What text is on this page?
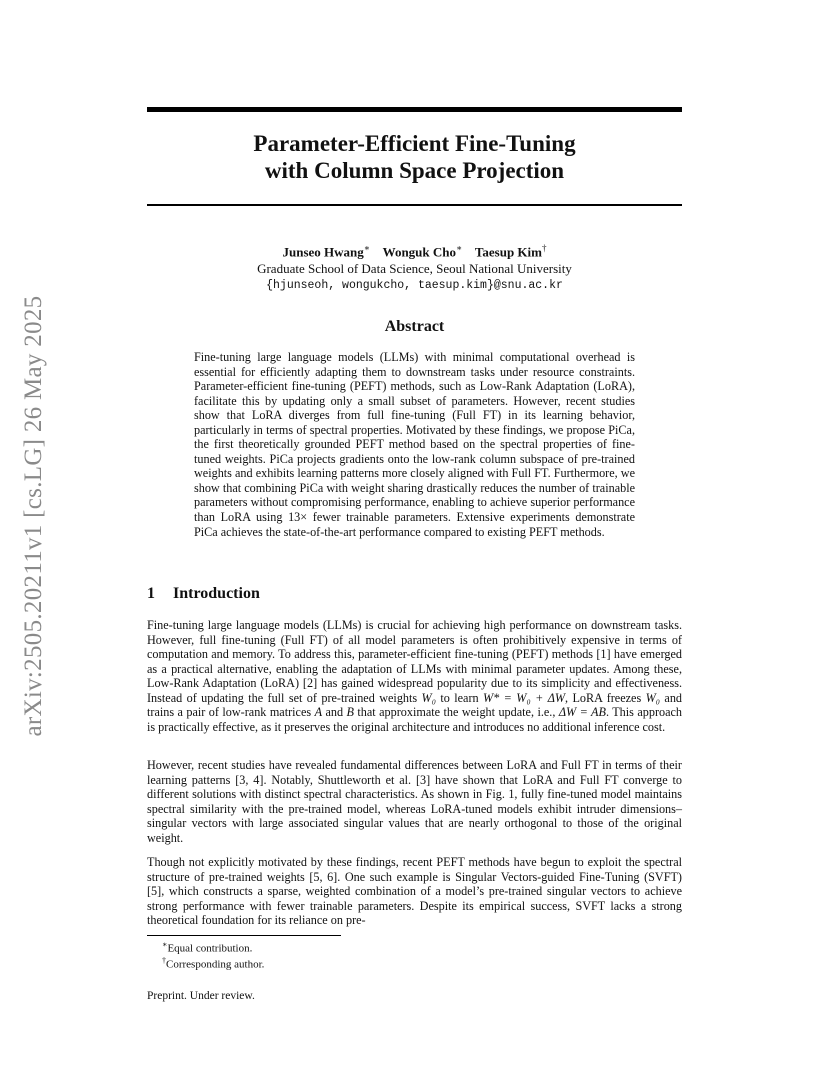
arXiv:2505.20211v1 [cs.LG] 26 May 2025
Parameter-Efficient Fine-Tuning
with Column Space Projection
Junseo Hwang∗ Wonguk Cho∗ Taesup Kim†
Graduate School of Data Science, Seoul National University
{hjunseoh, wongukcho, taesup.kim}@snu.ac.kr
Abstract

Fine-tuning large language models (LLMs) with minimal computational overhead is essential for efficiently adapting them to downstream tasks under resource constraints. Parameter-efficient fine-tuning (PEFT) methods, such as Low-Rank Adaptation (LoRA), facilitate this by updating only a small subset of parameters. However, recent studies show that LoRA diverges from full fine-tuning (Full FT) in its learning behavior, particularly in terms of spectral properties. Motivated by these findings, we propose PiCa, the first theoretically grounded PEFT method based on the spectral properties of fine-tuned weights. PiCa projects gradients onto the low-rank column subspace of pre-trained weights and exhibits learning patterns more closely aligned with Full FT. Furthermore, we show that combining PiCa with weight sharing drastically reduces the number of trainable parameters without compromising performance, enabling to achieve superior performance than LoRA using 13× fewer trainable parameters. Extensive experiments demonstrate PiCa achieves the state-of-the-art performance compared to existing PEFT methods.

1 Introduction

Fine-tuning large language models (LLMs) is crucial for achieving high performance on downstream tasks. However, full fine-tuning (Full FT) of all model parameters is often prohibitively expensive in terms of computation and memory. To address this, parameter-efficient fine-tuning (PEFT) methods [1] have emerged as a practical alternative, enabling the adaptation of LLMs with minimal parameter updates. Among these, Low-Rank Adaptation (LoRA) [2] has gained widespread popularity due to its simplicity and effectiveness. Instead of updating the full set of pre-trained weights W₀ to learn W* = W₀ + ΔW, LoRA freezes W₀ and trains a pair of low-rank matrices A and B that approximate the weight update, i.e., ΔW = AB. This approach is practically effective, as it preserves the original architecture and introduces no additional inference cost.

However, recent studies have revealed fundamental differences between LoRA and Full FT in terms of their learning patterns [3, 4]. Notably, Shuttleworth et al. [3] have shown that LoRA and Full FT converge to different solutions with distinct spectral characteristics. As shown in Fig. 1, fully fine-tuned model maintains spectral similarity with the pre-trained model, whereas LoRA-tuned models exhibit intruder dimensions–singular vectors with large associated singular values that are nearly orthogonal to those of the original weight.

Though not explicitly motivated by these findings, recent PEFT methods have begun to exploit the spectral structure of pre-trained weights [5, 6]. One such example is Singular Vectors-guided Fine-Tuning (SVFT) [5], which constructs a sparse, weighted combination of a model’s pre-trained singular vectors to achieve strong performance with fewer trainable parameters. Despite its empirical success, SVFT lacks a strong theoretical foundation for its reliance on pre-

∗Equal contribution.
†Corresponding author.
Preprint. Under review.
